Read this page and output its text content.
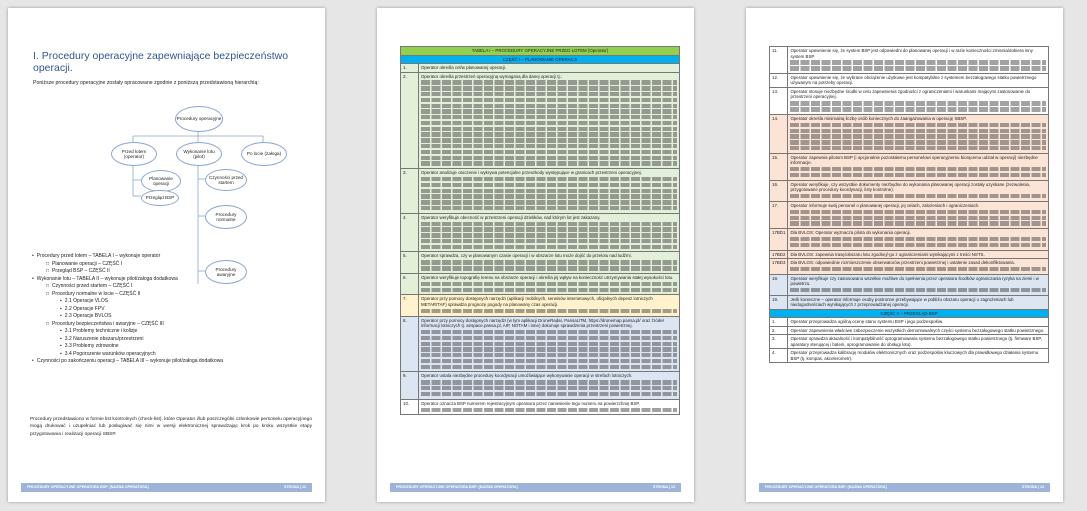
I. Procedury operacyjne zapewniające bezpieczeństwo operacji.
Poniższe procedury operacyjne zostały opracowane zgodnie z poniższą przedstawioną hierarchią:
Procedury operacyjne
Przed lotem (operator)
Wykonanie lotu (pilot)
Po locie (załoga)
Planowanie operacji
Przegląd BSP
Czynności przed startem
Procedury normalne
Procedury awaryjne
• Procedury przed lotem – TABELA I – wykonuje operator
□ Planowanie operacji – CZĘŚĆ I
□ Przegląd BSP – CZĘŚĆ II
• Wykonanie lotu – TABELA II – wykonuje pilot/załoga dodatkowa
□ Czynności przed startem – CZĘŚĆ I
□ Procedury normalne w locie – CZĘŚĆ II
▪ 2.1 Operacje VLOS
▪ 2.2 Operacje FPV
▪ 2.3 Operacje BVLOS
□ Procedury bezpieczeństwa i awaryjne – CZĘŚĆ III
▪ 3.1 Problemy techniczne i kolizje
▪ 3.2 Naruszenie obszaru/przestrzeni
▪ 3.3 Problemy zdrowotne
▪ 3.4 Pogorszenie warunków operacyjnych
• Czynności po zakończeniu operacji – TABELA III – wykonuje pilot/załoga dodatkowa
Procedury przedstawiono w formie list kontrolnych (check-list), które Operator i/lub poszczególni członkowie personelu operacyjnego mogą drukować i uzupełniać lub posługiwać się nimi w wersji elektronicznej sprawdzając krok po kroku wszystkie etapy przygotowania i realizacji operacji SBSP.
PROCEDURY OPERACYJNE OPERATORA BSP: [NAZWA OPERATORA]	STRONA | 12
TABELA I – PROCEDURY OPERACYJNE PRZED LOTEM (Operator)	
CZĘŚĆ I – PLANOWANIE OPERACJI	
1.	Operator określa cel/w planowanej operacji.
2.	Operator określa przestrzeń operacyjną wymaganą dla danej operacji tj.:

3.	Operator analizuje otoczenie i wykrywa potencjalne przeszkody występujące w granicach przestrzeni operacyjnej.

4.	Operator weryfikuje obecność w przestrzeni operacji dzielików, nad którym lot jest zakazany.

5.	Operator sprawdza, czy w planowanym czasie operacji i w obszarze lotu może dojść do przelotu nad ludźmi.

6.	Operator weryfikuje topografię terenu na obszarze operacji i określa jej wpływ na konieczność utrzymywania stałej wysokości lotu.

7.	Operator przy pomocy dostępnych narzędzi (aplikacji mobilnych, serwisów internetowych, oficjalnych depesz lotniczych METAR/TAF) sprawdza prognozę pogody na planowany czas operacji.

8.	Operator przy pomocy dostępnych narzędzi (w tym aplikacji DroneRadar, PansaUTM, https://dronemap.pansa.pl/ oraz źródeł informacji lotniczych tj. airspace.pansa.pl, AIP, NOTAM i inne) dokonuje sprawdzenia przestrzeni powietrznej.

9.	Operator ustala niezbędne procedury koordynacji umożliwiające wykonywanie operacji w strefach lotniczych.

10.	Operator oznacza BSP numerem rejestracyjnym operatora przez naniesienie tego numeru na powierzchnię BSP.
PROCEDURY OPERACYJNE OPERATORA BSP: [NAZWA OPERATORA]	STRONA | 13
11.	Operator upewnienie się, że system BSP jest odpowiedni do planowanej operacji i w razie konieczności zmienia/dobiera inny system BSP.

12.	Operator upewnienie się, że wybrane obciążenie użytkowe jest kompatybilne z systemem bezzałogowego statku powietrznego używanym na potrzeby operacji.
13.	Operator stosuje niezbędne środki w celu zapewnienia zgodności z ograniczeniami i warunkami mającymi zastosowanie do przestrzeni operacyjnej.

14.	Operator określa minimalną liczbę osób koniecznych do zaangażowania w operację SBSP.

15.	Operator zapewnia pilotom BSP (i opcjonalnie pozostałemu personelowi operacyjnemu biorącemu udział w operacji) niezbędne informacje.

16.	Operator weryfikuje, czy wszystkie dokumenty niezbędne do wykonania planowanej operacji zostały uzyskane (zezwolenia, przygotowane procedury koordynacji, listy kontrolne).

17.	Operator informuje swój personel o planowanej operacji, jej celach, założeniach i ograniczeniach.

17BD1	Dla BVLOS: Operator wyznacza pilota do wykonania operacji.

17BD2	Dla BVLOS: zapewnia trasę/obszaru lotu zgodnej/-go z ograniczeniami wynikającymi z treści NSTS.
17BD3	Dla BVLOS: odpowiednie rozmieszczenie obserwatorów przestrzeni powietrznej i ustalenie zasad dekonfliktowania.

18.	Operator weryfikuje czy zastosowano wszelkie możliwe do spełnienia przez operatora środków ograniczania ryzyka na ziemi i w powietrzu.

19.	Jeśli konieczne – operator informuje osoby postronne przebywające w pobliżu obszaru operacji o zagrożeniach lub niedogodnościach wynikających z przeprowadzanej operacji.
CZĘŚĆ II – PRZEGLĄD BSP	
1.	Operator przeprowadza ogólną ocenę stanu systemu BSP i jego podzespołów.
2.	Operator zapewnienia właściwe zabezpieczenie wszystkich demontowalnych części systemu bezzałogowego statku powietrznego.
3.	Operator sprawdza aktualność i kompatybilność oprogramowania systemu bezzałogowego statku powietrznego (tj. firmware BSP, aparatury sterującej i baterii, oprogramowanie do obsługi lotu).
4.	Operator przeprowadza kalibrację modułów elektronicznych oraz podzespołów kluczowych dla prawidłowego działania systemu BSP (tj. kompas, akcelerometr).
PROCEDURY OPERACYJNE OPERATORA BSP: [NAZWA OPERATORA]	STRONA | 14
